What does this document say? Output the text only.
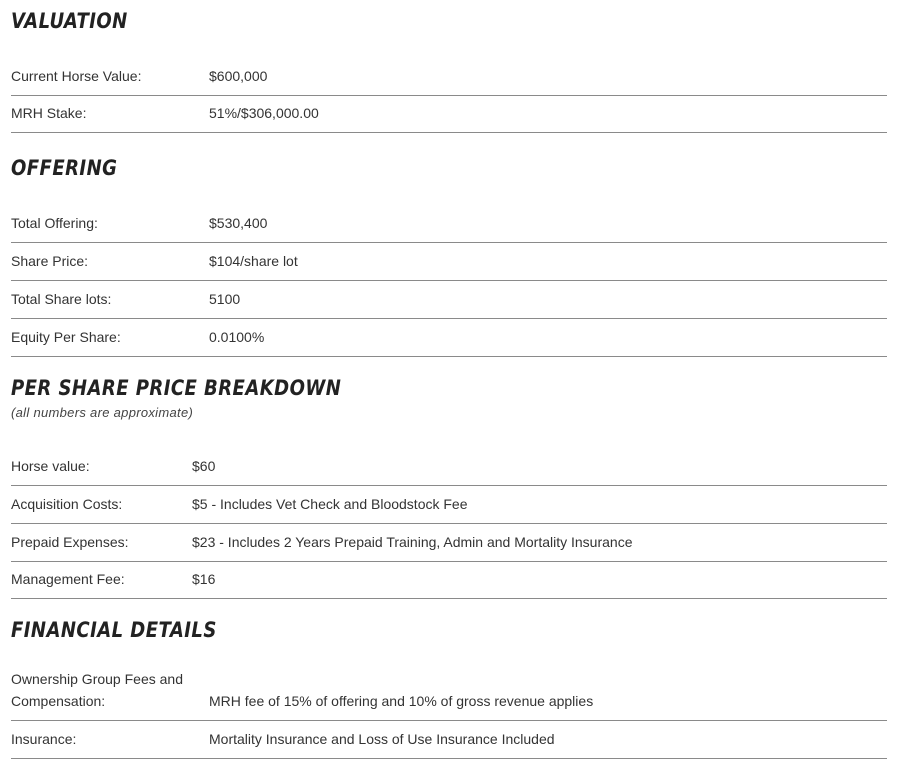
VALUATION
Current Horse Value:	$600,000
MRH Stake:	51%/$306,000.00
OFFERING
Total Offering:	$530,400
Share Price:	$104/share lot
Total Share lots:	5100
Equity Per Share:	0.0100%
PER SHARE PRICE BREAKDOWN
(all numbers are approximate)
Horse value:	$60
Acquisition Costs:	$5 - Includes Vet Check and Bloodstock Fee
Prepaid Expenses:	$23 - Includes 2 Years Prepaid Training, Admin and Mortality Insurance
Management Fee:	$16
FINANCIAL DETAILS
Ownership Group Fees and
Compensation:	MRH fee of 15% of offering and 10% of gross revenue applies
Insurance:	Mortality Insurance and Loss of Use Insurance Included
